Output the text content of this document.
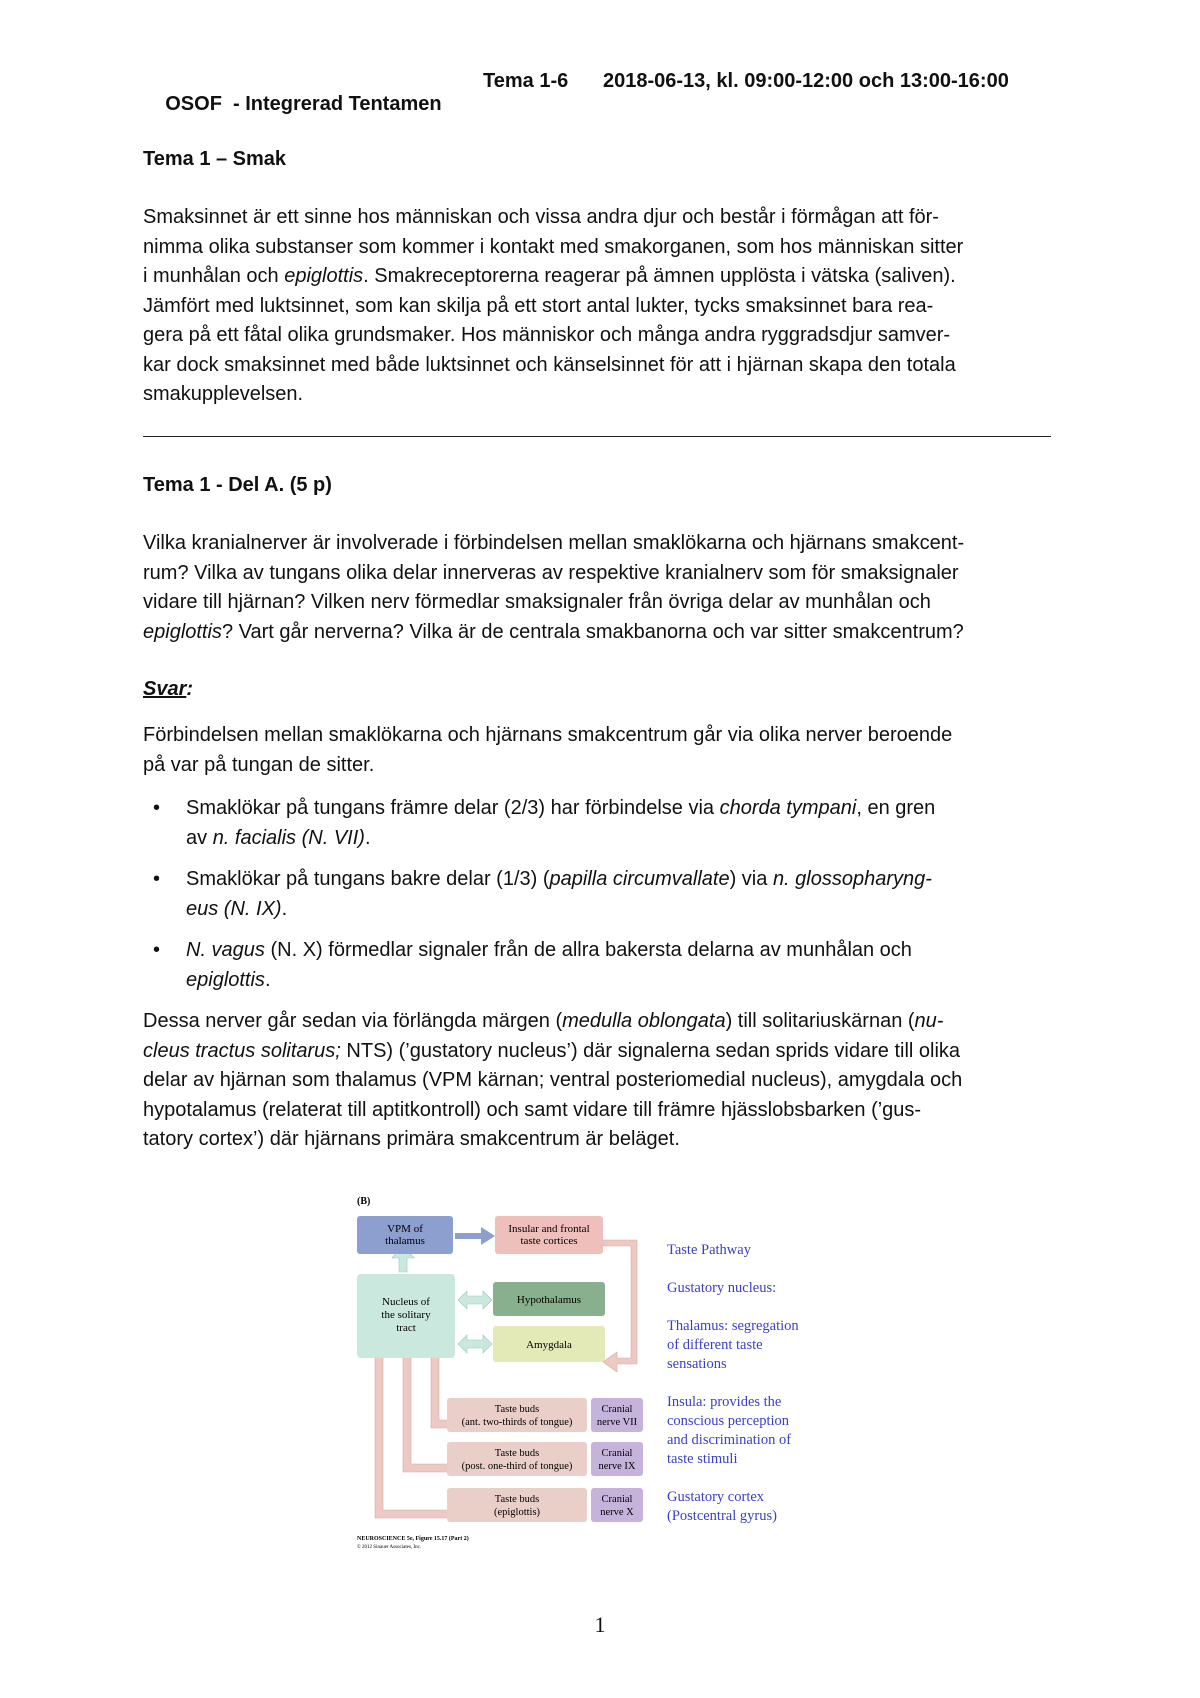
OSOF  - Integrerad Tentamen

Tema 1-6 2018-06-13, kl. 09:00-12:00 och 13:00-16:00
Tema 1 – Smak

Smaksinnet är ett sinne hos människan och vissa andra djur och består i förmågan att för-

nimma olika substanser som kommer i kontakt med smakorganen, som hos människan sitter

i munhålan och epiglottis. Smakreceptorerna reagerar på ämnen upplösta i vätska (saliven).

Jämfört med luktsinnet, som kan skilja på ett stort antal lukter, tycks smaksinnet bara rea-

gera på ett fåtal olika grundsmaker. Hos människor och många andra ryggradsdjur samver-

kar dock smaksinnet med både luktsinnet och känselsinnet för att i hjärnan skapa den totala

smakupplevelsen.

Tema 1 - Del A. (5 p)

Vilka kranialnerver är involverade i förbindelsen mellan smaklökarna och hjärnans smakcent-

rum? Vilka av tungans olika delar innerveras av respektive kranialnerv som för smaksignaler

vidare till hjärnan? Vilken nerv förmedlar smaksignaler från övriga delar av munhålan och

epiglottis? Vart går nerverna? Vilka är de centrala smakbanorna och var sitter smakcentrum?

Svar:

Förbindelsen mellan smaklökarna och hjärnans smakcentrum går via olika nerver beroende

på var på tungan de sitter.

• Smaklökar på tungans främre delar (2/3) har förbindelse via chorda tympani, en gren
av n. facialis (N. VII).
• Smaklökar på tungans bakre delar (1/3) (papilla circumvallate) via n. glossopharyng-
eus (N. IX).
• N. vagus (N. X) förmedlar signaler från de allra bakersta delarna av munhålan och
epiglottis.

Dessa nerver går sedan via förlängda märgen (medulla oblongata) till solitariuskärnan (nu-

cleus tractus solitarus; NTS) (’gustatory nucleus’) där signalerna sedan sprids vidare till olika

delar av hjärnan som thalamus (VPM kärnan; ventral posteriomedial nucleus), amygdala och

hypotalamus (relaterat till aptitkontroll) och samt vidare till främre hjässlobsbarken (’gus-

tatory cortex’) där hjärnans primära smakcentrum är beläget.

(B)
VPM of
thalamus
Insular and frontal
taste cortices
Hypothalamus
Amygdala
Nucleus of
the solitary
tract
Taste buds
(ant. two-thirds of tongue)
Cranial
nerve VII
Taste buds
(post. one-third of tongue)
Cranial
nerve IX
Taste buds
(epiglottis)
Cranial
nerve X
NEUROSCIENCE 5e, Figure 15.17 (Part 2)
© 2012 Sinauer Associates, Inc.
Taste Pathway
Gustatory nucleus:
Thalamus: segregation
of different taste
sensations
Insula: provides the
conscious perception
and discrimination of
taste stimuli
Gustatory cortex
(Postcentral gyrus)
1
